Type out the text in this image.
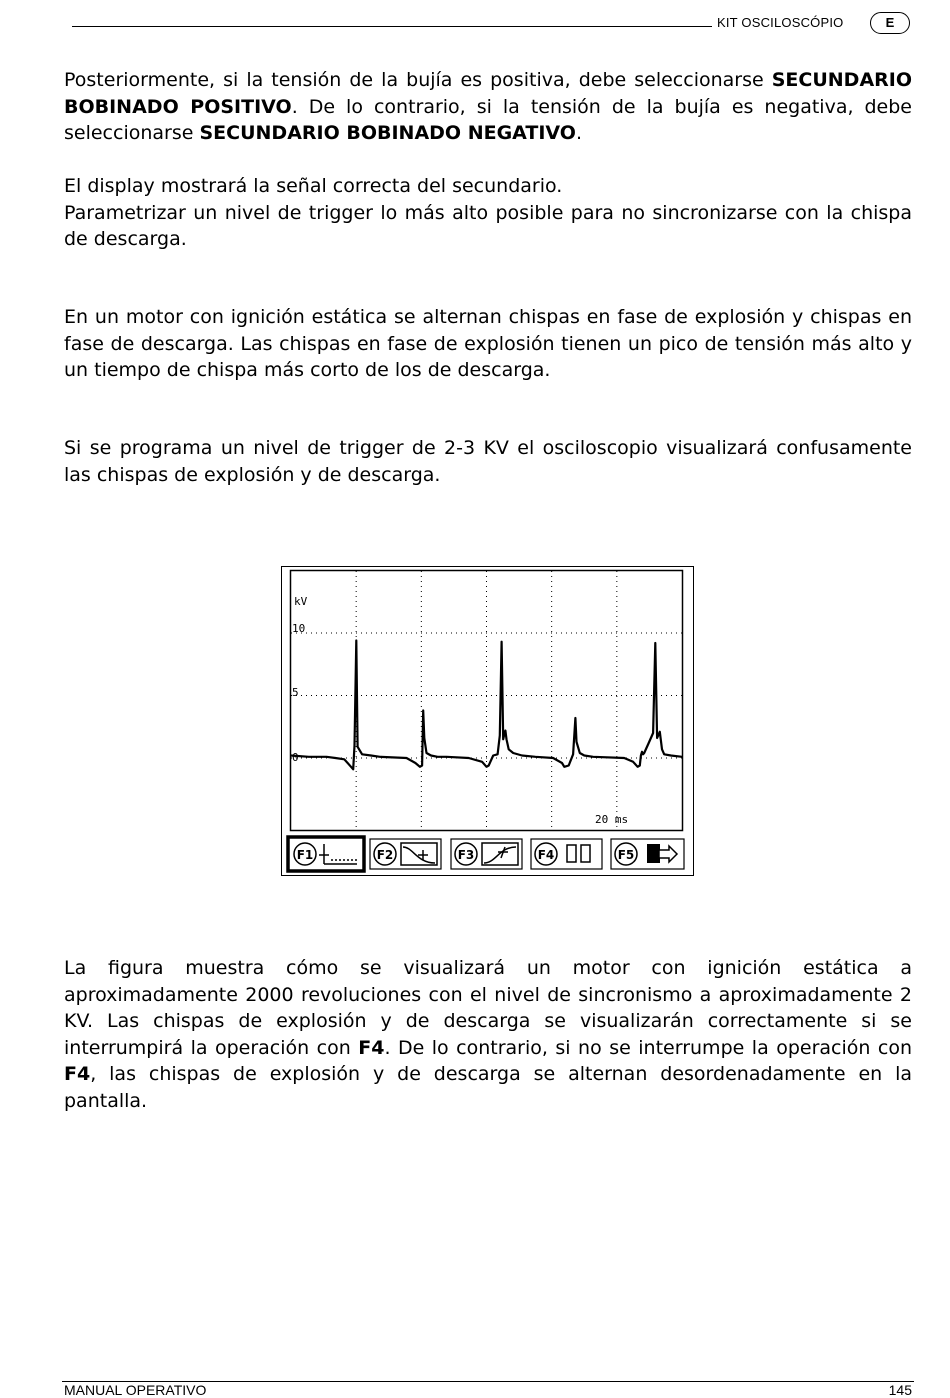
KIT OSCILOSCÓPIO	E

Posteriormente, si la tensión de la bujía es positiva, debe seleccionarse SECUNDARIO BOBINADO POSITIVO. De lo contrario, si la tensión de la bujía es negativa, debe seleccionarse SECUNDARIO BOBINADO NEGATIVO.

El display mostrará la señal correcta del secundario.

Parametrizar un nivel de trigger lo más alto posible para no sincronizarse con la chispa de descarga.

En un motor con ignición estática se alternan chispas en fase de explosión y chispas en fase de descarga. Las chispas en fase de explosión tienen un pico de tensión más alto y un tiempo de chispa más corto de los de descarga.

Si se programa un nivel de trigger de 2-3 KV el osciloscopio visualizará confusamente las chispas de explosión y de descarga.

kV
10
5
0
20 ms
F1	F2	F3	F4	F5

La figura muestra cómo se visualizará un motor con ignición estática a aproximadamente 2000 revoluciones con el nivel de sincronismo a aproximadamente 2 KV. Las chispas de explosión y de descarga se visualizarán correctamente si se interrumpirá la operación con F4. De lo contrario, si no se interrumpe la operación con F4, las chispas de explosión y de descarga se alternan desordenadamente en la pantalla.

MANUAL OPERATIVO	145
